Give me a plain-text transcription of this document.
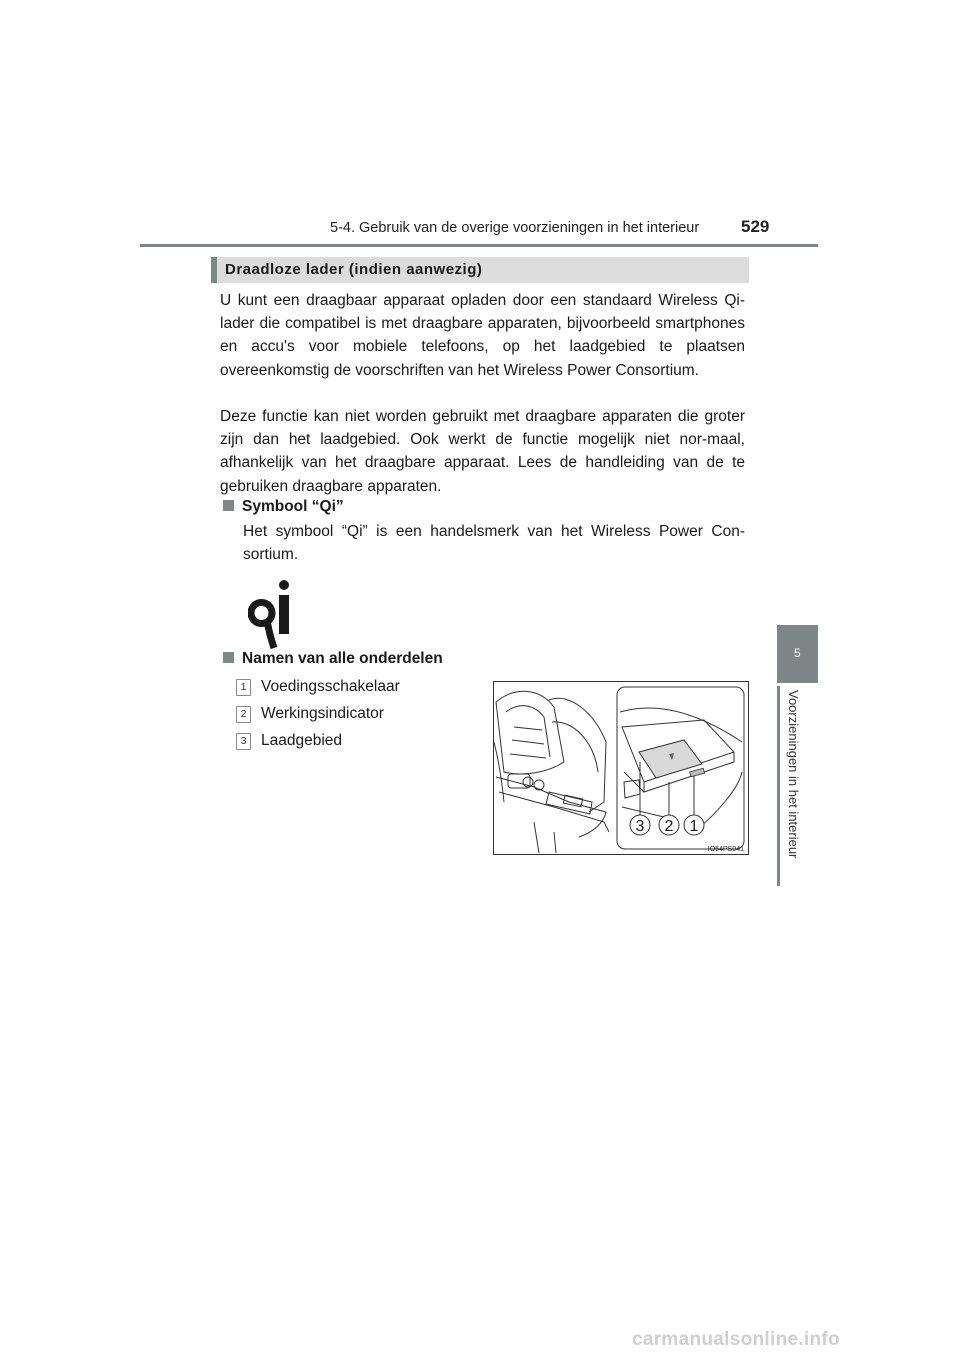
5-4. Gebruik van de overige voorzieningen in het interieur 529
Draadloze lader (indien aanwezig)

U kunt een draagbaar apparaat opladen door een standaard Wireless Qi-lader die compatibel is met draagbare apparaten, bijvoorbeeld smartphones en accu's voor mobiele telefoons, op het laadgebied te plaatsen overeenkomstig de voorschriften van het Wireless Power Consortium.

Deze functie kan niet worden gebruikt met draagbare apparaten die groter zijn dan het laadgebied. Ook werkt de functie mogelijk niet nor-maal, afhankelijk van het draagbare apparaat. Lees de handleiding van de te gebruiken draagbare apparaten.

Symbool “Qi”

Het symbool “Qi” is een handelsmerk van het Wireless Power Con-sortium.

Namen van alle onderdelen
1 Voedingsschakelaar
2 Werkingsindicator
3 Laadgebied
3 2 1
IO54PS041
5
Voorzieningen in het interieur
carmanualsonline.info
